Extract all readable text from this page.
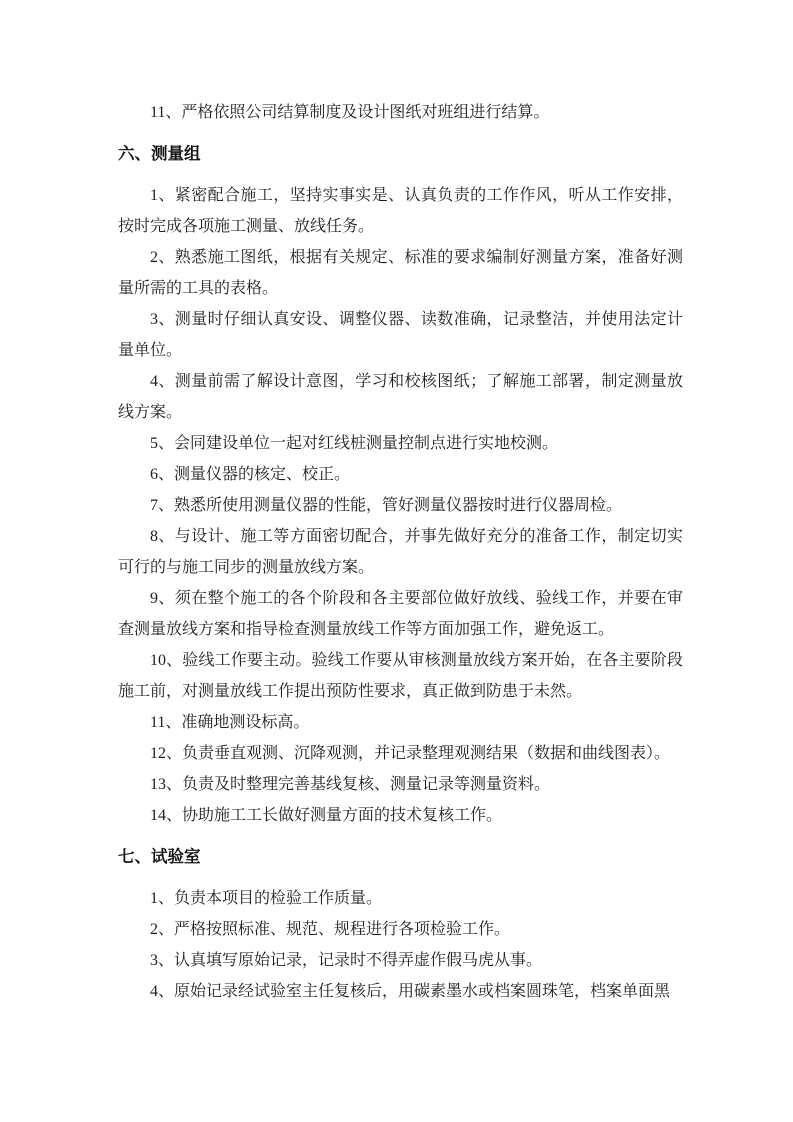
11、严格依照公司结算制度及设计图纸对班组进行结算。

六、测量组

1、紧密配合施工，坚持实事实是、认真负责的工作作风，听从工作安排，按时完成各项施工测量、放线任务。

2、熟悉施工图纸，根据有关规定、标准的要求编制好测量方案，准备好测量所需的工具的表格。

3、测量时仔细认真安设、调整仪器、读数准确，记录整洁，并使用法定计量单位。

4、测量前需了解设计意图，学习和校核图纸；了解施工部署，制定测量放线方案。

5、会同建设单位一起对红线桩测量控制点进行实地校测。

6、测量仪器的核定、校正。

7、熟悉所使用测量仪器的性能，管好测量仪器按时进行仪器周检。

8、与设计、施工等方面密切配合，并事先做好充分的准备工作，制定切实可行的与施工同步的测量放线方案。

9、须在整个施工的各个阶段和各主要部位做好放线、验线工作，并要在审查测量放线方案和指导检查测量放线工作等方面加强工作，避免返工。

10、验线工作要主动。验线工作要从审核测量放线方案开始，在各主要阶段施工前，对测量放线工作提出预防性要求，真正做到防患于未然。

11、准确地测设标高。

12、负责垂直观测、沉降观测，并记录整理观测结果（数据和曲线图表）。

13、负责及时整理完善基线复核、测量记录等测量资料。

14、协助施工工长做好测量方面的技术复核工作。

七、试验室

1、负责本项目的检验工作质量。

2、严格按照标准、规范、规程进行各项检验工作。

3、认真填写原始记录，记录时不得弄虚作假马虎从事。

4、原始记录经试验室主任复核后，用碳素墨水或档案圆珠笔，档案单面黑
